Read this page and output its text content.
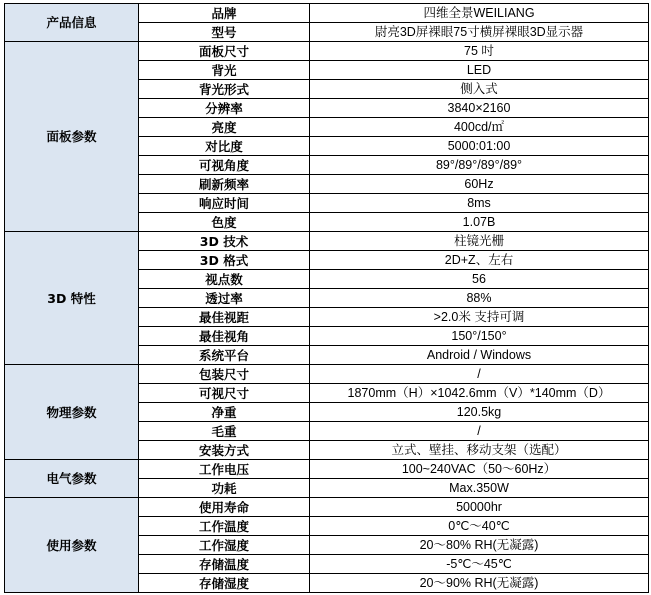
产品信息	品牌	四维全景WEILIANG
	型号	尉亮3D屏裸眼75寸横屏裸眼3D显示器
面板参数	面板尺寸	75 吋
	背光	LED
	背光形式	侧入式
	分辨率	3840×2160
	亮度	400cd/㎡
	对比度	5000:01:00
	可视角度	89°/89°/89°/89°
	刷新频率	60Hz
	响应时间	8ms
	色度	1.07B
3D 特性	3D 技术	柱镜光栅
	3D 格式	2D+Z、左右
	视点数	56
	透过率	88%
	最佳视距	>2.0米 支持可调
	最佳视角	150°/150°
	系统平台	Android / Windows
物理参数	包装尺寸	/
	可视尺寸	1870mm（H）×1042.6mm（V）*140mm（D）
	净重	120.5kg
	毛重	/
	安装方式	立式、壁挂、移动支架（选配）
电气参数	工作电压	100~240VAC（50～60Hz）
	功耗	Max.350W
使用参数	使用寿命	50000hr
	工作温度	0℃～40℃
	工作湿度	20～80% RH(无凝露)
	存储温度	-5℃～45℃
	存储湿度	20～90% RH(无凝露)
